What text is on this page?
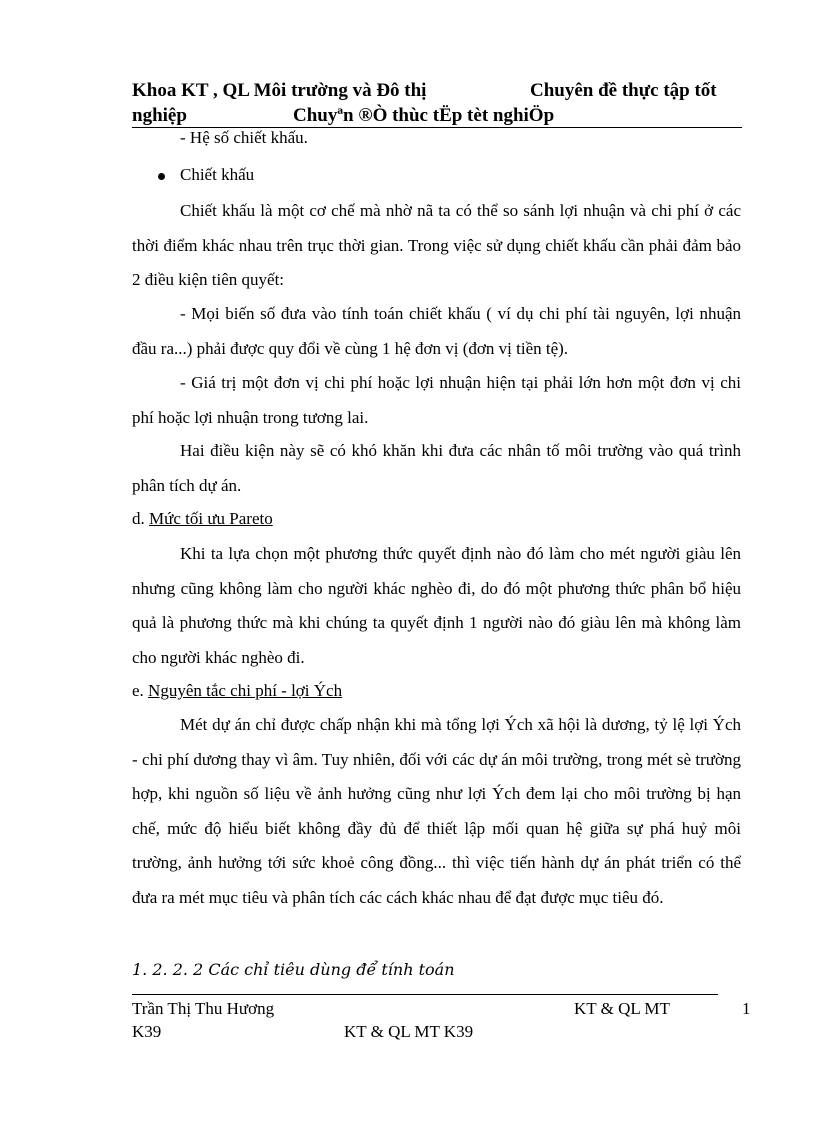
Khoa KT , QL Môi trường và Đô thị	Chuyên đề thực tập tốt
nghiệp	Chuyªn ®Ò thùc tËp tèt nghiÖp
- Hệ số chiết khấu.
Chiết khấu
Chiết khấu là một cơ chế mà nhờ nã ta có thể so sánh lợi nhuận và chi phí ở các thời điểm khác nhau trên trục thời gian. Trong việc sử dụng chiết khấu cần phải đảm bảo 2 điều kiện tiên quyết:
- Mọi biến số đưa vào tính toán chiết khấu ( ví dụ chi phí tài nguyên, lợi nhuận đầu ra...) phải được quy đổi về cùng 1 hệ đơn vị (đơn vị tiền tệ).
- Giá trị một đơn vị chi phí hoặc lợi nhuận hiện tại phải lớn hơn một đơn vị chi phí hoặc lợi nhuận trong tương lai.
Hai điều kiện này sẽ có khó khăn khi đưa các nhân tố môi trường vào quá trình phân tích dự án.
d. Mức tối ưu Pareto
Khi ta lựa chọn một phương thức quyết định nào đó làm cho mét người giàu lên nhưng cũng không làm cho người khác nghèo đi, do đó một phương thức phân bổ hiệu quả là phương thức mà khi chúng ta quyết định 1 người nào đó giàu lên mà không làm cho người khác nghèo đi.
e. Nguyên tắc chi phí - lợi Ých
Mét dự án chỉ được chấp nhận khi mà tổng lợi Ých xã hội là dương, tỷ lệ lợi Ých - chi phí dương thay vì âm. Tuy nhiên, đối với các dự án môi trường, trong mét sè trường hợp, khi nguồn số liệu về ảnh hưởng cũng như lợi Ých đem lại cho môi trường bị hạn chế, mức độ hiểu biết không đầy đủ để thiết lập mối quan hệ giữa sự phá huỷ môi trường, ảnh hưởng tới sức khoẻ công đồng... thì việc tiến hành dự án phát triển có thể đưa ra mét mục tiêu và phân tích các cách khác nhau để đạt được mục tiêu đó.
1. 2. 2. 2 Các chỉ tiêu dùng để tính toán
Trần Thị Thu Hương	KT & QL MT	1
K39	KT & QL MT K39
